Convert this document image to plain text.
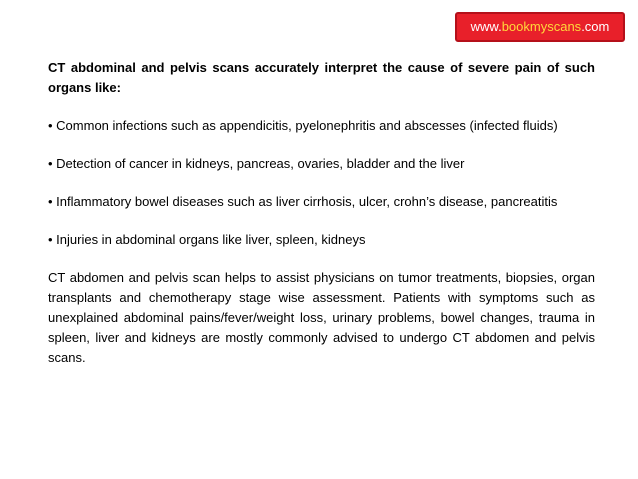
www.bookmyscans.com

CT abdominal and pelvis scans accurately interpret the cause of severe pain of such organs like:

• Common infections such as appendicitis, pyelonephritis and abscesses (infected fluids)

• Detection of cancer in kidneys, pancreas, ovaries, bladder and the liver

• Inflammatory bowel diseases such as liver cirrhosis, ulcer, crohn’s disease, pancreatitis

• Injuries in abdominal organs like liver, spleen, kidneys

CT abdomen and pelvis scan helps to assist physicians on tumor treatments, biopsies, organ transplants and chemotherapy stage wise assessment. Patients with symptoms such as unexplained abdominal pains/fever/weight loss, urinary problems, bowel changes, trauma in spleen, liver and kidneys are mostly commonly advised to undergo CT abdomen and pelvis scans.
